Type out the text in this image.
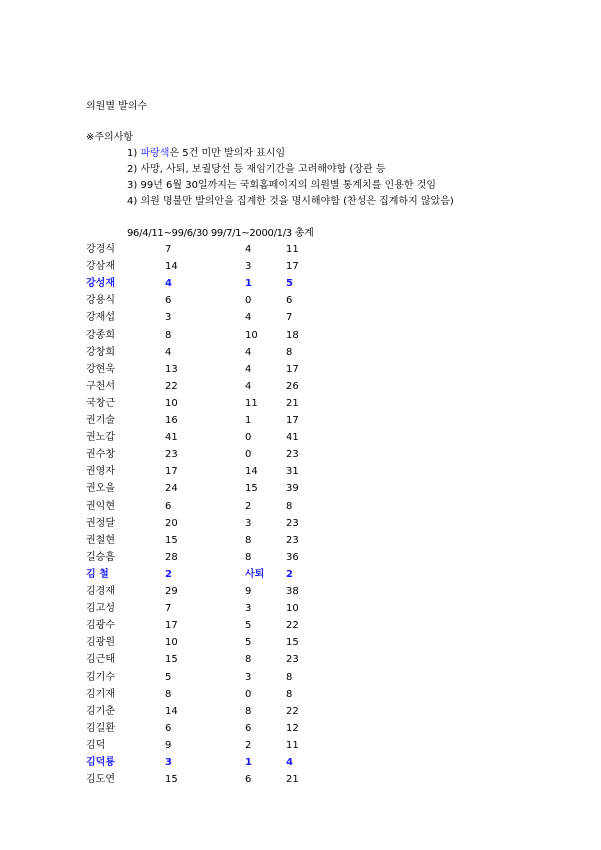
의원별 발의수
※주의사항
1) 파랑색은 5건 미만 발의자 표시임
2) 사망, 사퇴, 보궐당선 등 재임기간을 고려해야함 (장관 등
3) 99년 6월 30일까지는 국회홈페이지의 의원별 통계치를 인용한 것임
4) 의원 명불만 발의안을 집계한 것을 명시해야함 (찬성은 집계하지 않았음)
96/4/11~99/6/30 99/7/1~2000/1/3 총계
강경식	7	4	11
강삼재	14	3	17
강성재	4	1	5
강용식	6	0	6
강재섭	3	4	7
강종희	8	10	18
강창희	4	4	8
강현욱	13	4	17
구천서	22	4	26
국창근	10	11	21
권기술	16	1	17
권노갑	41	0	41
권수창	23	0	23
권영자	17	14	31
권오을	24	15	39
권익현	6	2	8
권정달	20	3	23
권철현	15	8	23
길승흠	28	8	36
김 철	2	사퇴 2
김경재	29	9	38
김고성	7	3	10
김광수	17	5	22
김광원	10	5	15
김근태	15	8	23
김기수	5	3	8
김기재	8	0	8
김기춘	14	8	22
김길환	6	6	12
김덕	9	2	11
김덕룡	3	1	4
김도연	15	6	21
